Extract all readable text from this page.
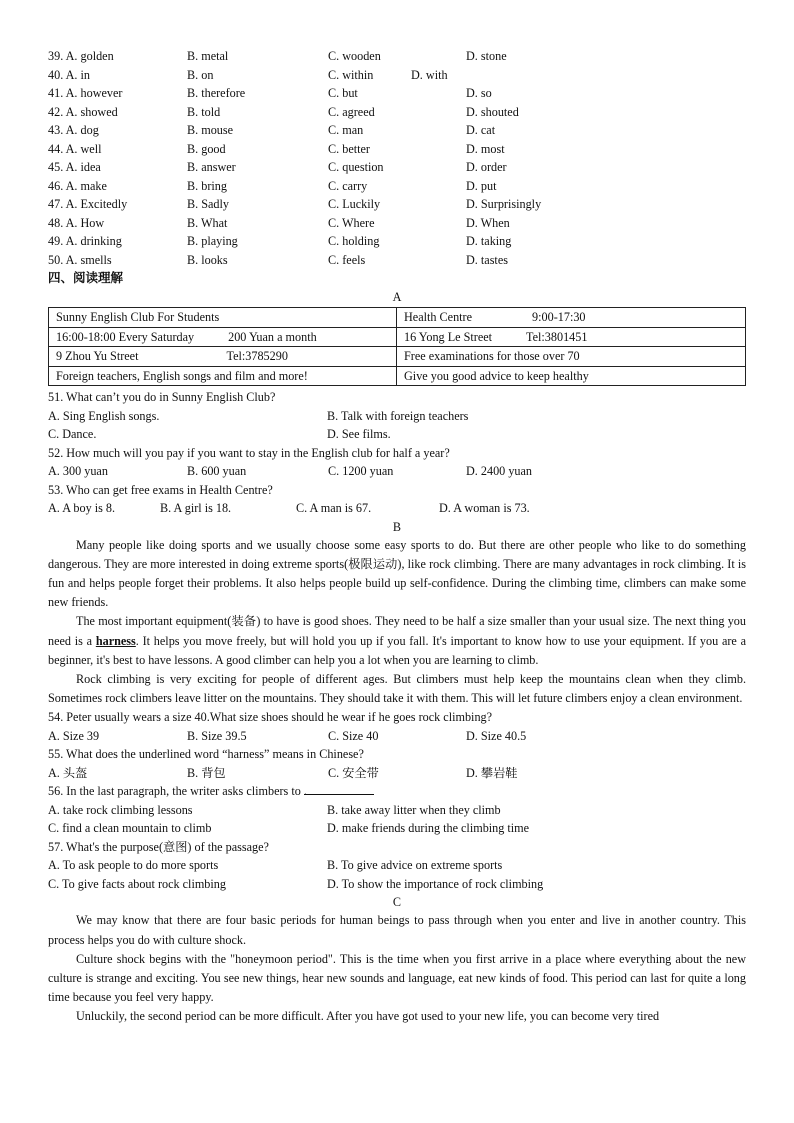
39. A. golden	B. metal	C. wooden	D. stone
40. A. in	B. on	C. within	D. with
41. A. however	B. therefore	C. but	D. so
42. A. showed	B. told	C. agreed	D. shouted
43. A. dog	B. mouse	C. man	D. cat
44. A. well	B. good	C. better	D. most
45. A. idea	B. answer	C. question	D. order
46. A. make	B. bring	C. carry	D. put
47. A. Excitedly	B. Sadly	C. Luckily	D. Surprisingly
48. A. How	B. What	C. Where	D. When
49. A. drinking	B. playing	C. holding	D. taking
50. A. smells	B. looks	C. feels	D. tastes
四、阅读理解
A
Sunny English Club For Students	Health Centre 9:00-17:30
16:00-18:00 Every Saturday 200 Yuan a month	16 Yong Le Street Tel:3801451
9 Zhou Yu Street Tel:3785290	Free examinations for those over 70
Foreign teachers, English songs and film and more!	Give you good advice to keep healthy
51. What can’t you do in Sunny English Club?
A. Sing English songs.	B. Talk with foreign teachers
C. Dance.	D. See films.
52. How much will you pay if you want to stay in the English club for half a year?
A. 300 yuan	B. 600 yuan	C. 1200 yuan	D. 2400 yuan
53. Who can get free exams in Health Centre?
A. A boy is 8.	B. A girl is 18.	C. A man is 67.	D. A woman is 73.
B

Many people like doing sports and we usually choose some easy sports to do. But there are other people who like to do something dangerous. They are more interested in doing extreme sports(极限运动), like rock climbing. There are many advantages in rock climbing. It is fun and helps people forget their problems. It also helps people build up self-confidence. During the climbing time, climbers can make some new friends.

The most important equipment(装备) to have is good shoes. They need to be half a size smaller than your usual size. The next thing you need is a harness. It helps you move freely, but will hold you up if you fall. It's important to know how to use your equipment. If you are a beginner, it's best to have lessons. A good climber can help you a lot when you are learning to climb.

Rock climbing is very exciting for people of different ages. But climbers must help keep the mountains clean when they climb. Sometimes rock climbers leave litter on the mountains. They should take it with them. This will let future climbers enjoy a clean environment.

54. Peter usually wears a size 40.What size shoes should he wear if he goes rock climbing?
A. Size 39	B. Size 39.5	C. Size 40	D. Size 40.5
55. What does the underlined word “harness” means in Chinese?
A. 头盔	B. 背包	C. 安全带	D. 攀岩鞋
56. In the last paragraph, the writer asks climbers to .
A. take rock climbing lessons	B. take away litter when they climb
C. find a clean mountain to climb	D. make friends during the climbing time
57. What's the purpose(意图) of the passage?
A. To ask people to do more sports	B. To give advice on extreme sports
C. To give facts about rock climbing	D. To show the importance of rock climbing
C

We may know that there are four basic periods for human beings to pass through when you enter and live in another country. This process helps you do with culture shock.

Culture shock begins with the "honeymoon period". This is the time when you first arrive in a place where everything about the new culture is strange and exciting. You see new things, hear new sounds and language, eat new kinds of food. This period can last for quite a long time because you feel very happy.

Unluckily, the second period can be more difficult. After you have got used to your new life, you can become very tired
